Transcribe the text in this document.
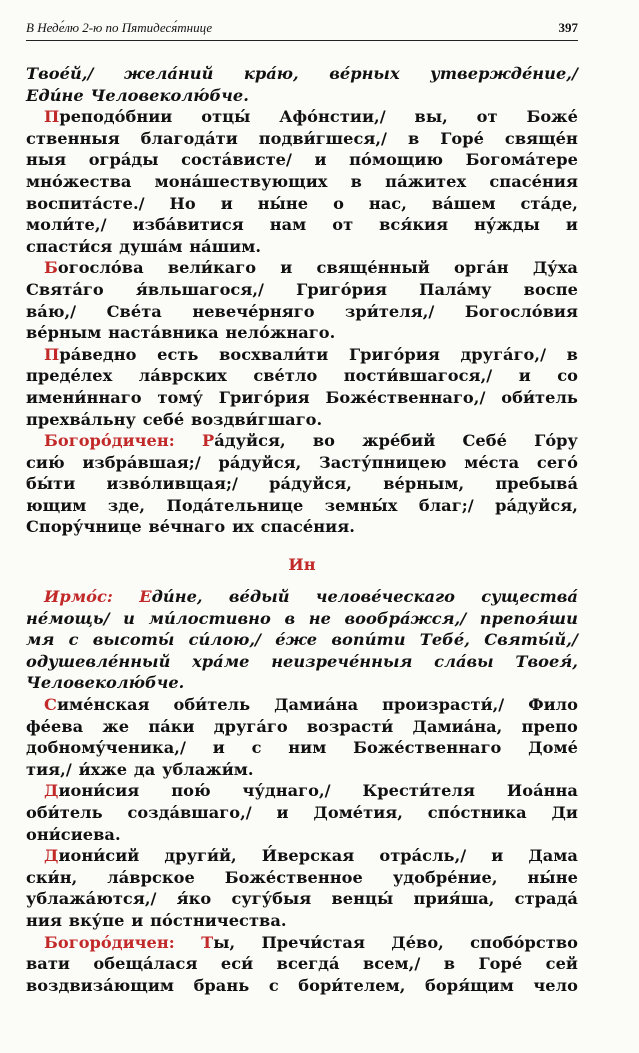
В Неде́лю 2-ю по Пятидеся́тнице	397
Твое́й,/ жела́ний кра́ю, ве́рных утвержде́ние,/
Еди́не Человеколю́бче.
Преподо́бнии отцы́ Афо́нстии,/ вы, от Боже́
ственныя благода́ти подви́гшеся,/ в Горе́ свяще́н
ныя огра́ды соста́висте/ и по́мощию Богома́тере
мно́жества мона́шествующих в па́житех спасе́ния
воспита́сте./ Но и ны́не о нас, ва́шем ста́де,
моли́те,/ изба́витися нам от вся́кия ну́жды и
спасти́ся душа́м на́шим.
Богосло́ва вели́каго и свяще́нный орга́н Ду́ха
Свята́го я́вльшагося,/ Григо́рия Пала́му воспе
ва́ю,/ Све́та невече́рняго зри́теля,/ Богосло́вия
ве́рным наста́вника нело́жнаго.
Пра́ведно есть восхвали́ти Григо́рия друга́го,/ в
преде́лех ла́врских све́тло пости́вшагося,/ и со
имени́ннаго тому́ Григо́рия Боже́ственнаго,/ оби́тель
прехва́льну себе́ воздви́гшаго.
Богоро́дичен: Ра́дуйся, во жре́бий Себе́ Го́ру
сию́ избра́вшая;/ ра́дуйся, Засту́пницею ме́ста сего́
бы́ти изво́ливщая;/ ра́дуйся, ве́рным, пребыва́
ющим зде, Пода́тельнице земны́х благ;/ ра́дуйся,
Спору́чнице ве́чнаго их спасе́ния.
Ин
Ирмо́с: Еди́не, ве́дый челове́ческаго существа́
не́мощь/ и ми́лостивно в не вообра́жся,/ препоя́ши
мя с высоты́ си́лою,/ е́же вопи́ти Тебе́, Святы́й,/
одушевле́нный хра́ме неизрече́нныя сла́вы Твоея́,
Человеколю́бче.
Симе́нская оби́тель Дамиа́на произрасти́,/ Фило
фе́ева же па́ки друга́го возрасти́ Дамиа́на, препо
добному́ченика,/ и с ним Боже́ственнаго Доме́
тия,/ и́хже да ублажи́м.
Диони́сия пою́ чу́днаго,/ Крести́теля Иоа́нна
оби́тель созда́вшаго,/ и Доме́тия, спо́стника Ди
они́сиева.
Диони́сий други́й, И́верская отра́сль,/ и Дама
ски́н, ла́врское Боже́ственное удобре́ние, ны́не
ублажа́ются,/ я́ко сугу́быя венцы́ прия́ша, страда́
ния вку́пе и по́стничества.
Богоро́дичен: Ты, Пречи́стая Де́во, спобо́рство
вати обеща́лася еси́ всегда́ всем,/ в Горе́ сей
воздвиза́ющим брань с бори́телем, боря́щим чело
